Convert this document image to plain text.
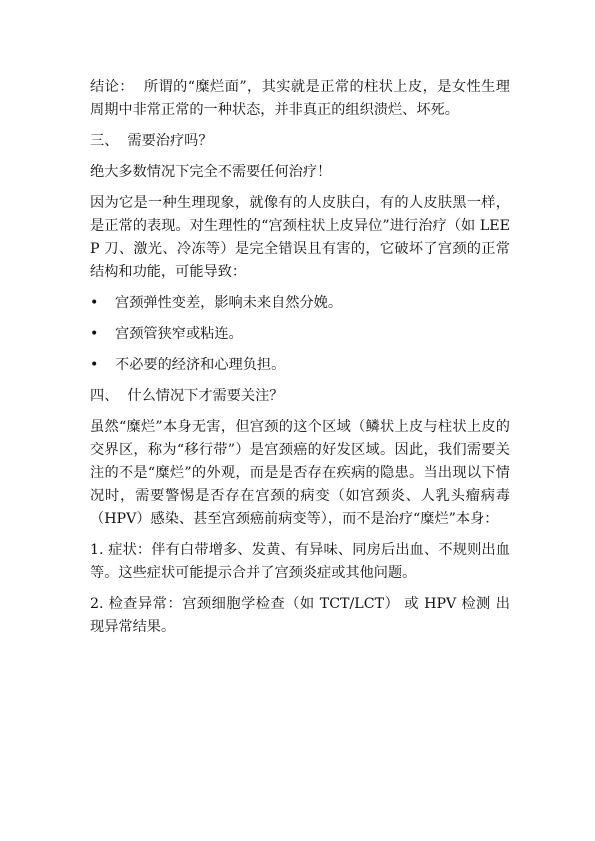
结论：  所谓的“糜烂面”，其实就是正常的柱状上皮，是女性生理周期中非常正常的一种状态，并非真正的组织溃烂、坏死。

三、  需要治疗吗？

绝大多数情况下完全不需要任何治疗！

因为它是一种生理现象，就像有的人皮肤白，有的人皮肤黑一样，是正常的表现。对生理性的“宫颈柱状上皮异位”进行治疗（如 LEEP 刀、激光、冷冻等）是完全错误且有害的，它破坏了宫颈的正常结构和功能，可能导致：

•	宫颈弹性变差，影响未来自然分娩。
•	宫颈管狭窄或粘连。
•	不必要的经济和心理负担。

四、  什么情况下才需要关注？

虽然“糜烂”本身无害，但宫颈的这个区域（鳞状上皮与柱状上皮的交界区，称为“移行带”）是宫颈癌的好发区域。因此，我们需要关注的不是“糜烂”的外观，而是是否存在疾病的隐患。当出现以下情况时，需要警惕是否存在宫颈的病变（如宫颈炎、人乳头瘤病毒（HPV）感染、甚至宫颈癌前病变等），而不是治疗“糜烂”本身：

1. 症状：伴有白带增多、发黄、有异味、同房后出血、不规则出血等。这些症状可能提示合并了宫颈炎症或其他问题。

2. 检查异常：宫颈细胞学检查（如 TCT/LCT） 或 HPV 检测 出现异常结果。
